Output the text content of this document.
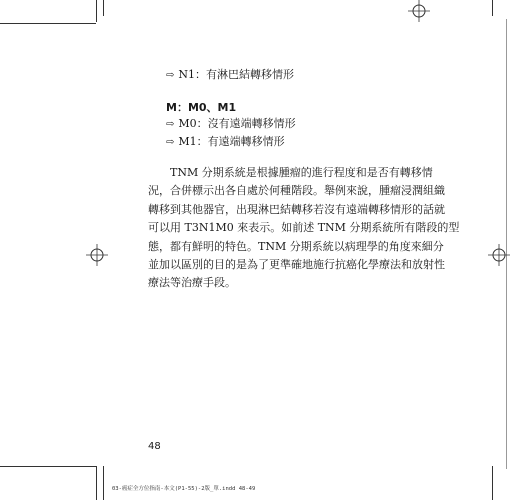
⇨ N1：有淋巴結轉移情形
M：M0、M1
⇨ M0：沒有遠端轉移情形
⇨ M1：有遠端轉移情形
TNM 分期系統是根據腫瘤的進行程度和是否有轉移情
況，合併標示出各自處於何種階段。舉例來說，腫瘤浸潤組織
轉移到其他器官，出現淋巴結轉移若沒有遠端轉移情形的話就
可以用 T3N1M0 來表示。如前述 TNM 分期系統所有階段的型
態，都有鮮明的特色。TNM 分期系統以病理學的角度來細分
並加以區別的目的是為了更準確地施行抗癌化學療法和放射性
療法等治療手段。
48
03-癌症全方位指南-本文(P1-55)-2版_單.indd 48-49
